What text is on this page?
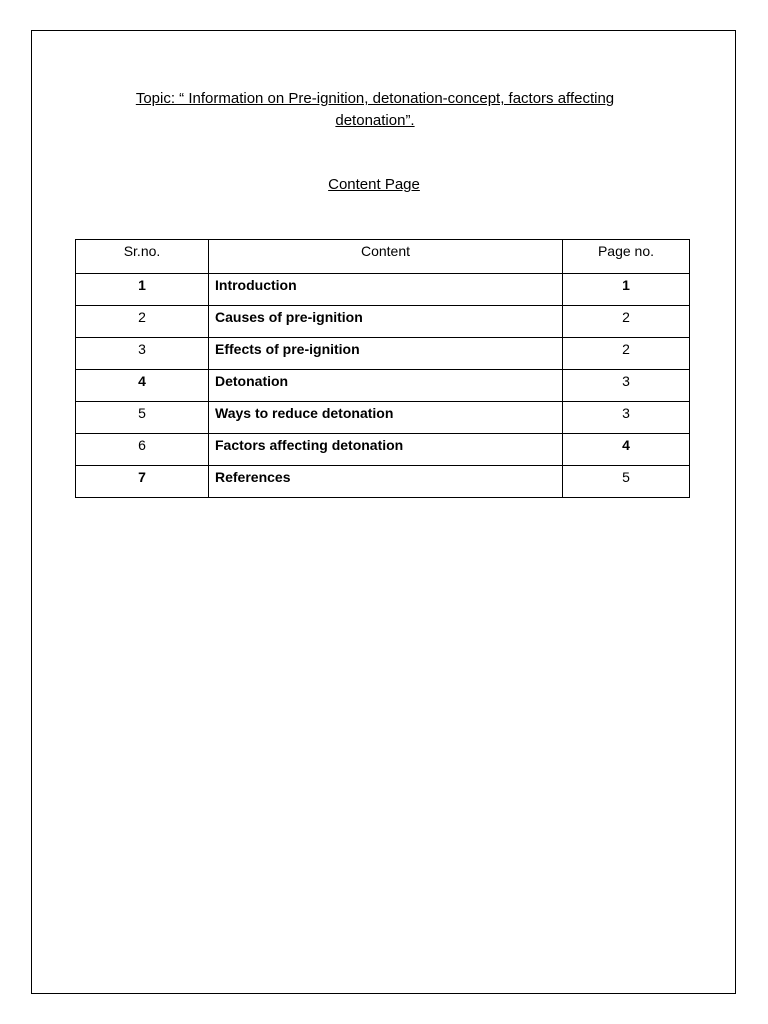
Topic: “ Information on Pre-ignition, detonation-concept, factors affecting
detonation”.
Content Page
Sr.no.	Content	Page no.
1	Introduction	1
2	Causes of pre-ignition	2
3	Effects of pre-ignition	2
4	Detonation	3
5	Ways to reduce detonation	3
6	Factors affecting detonation	4
7	References	5
